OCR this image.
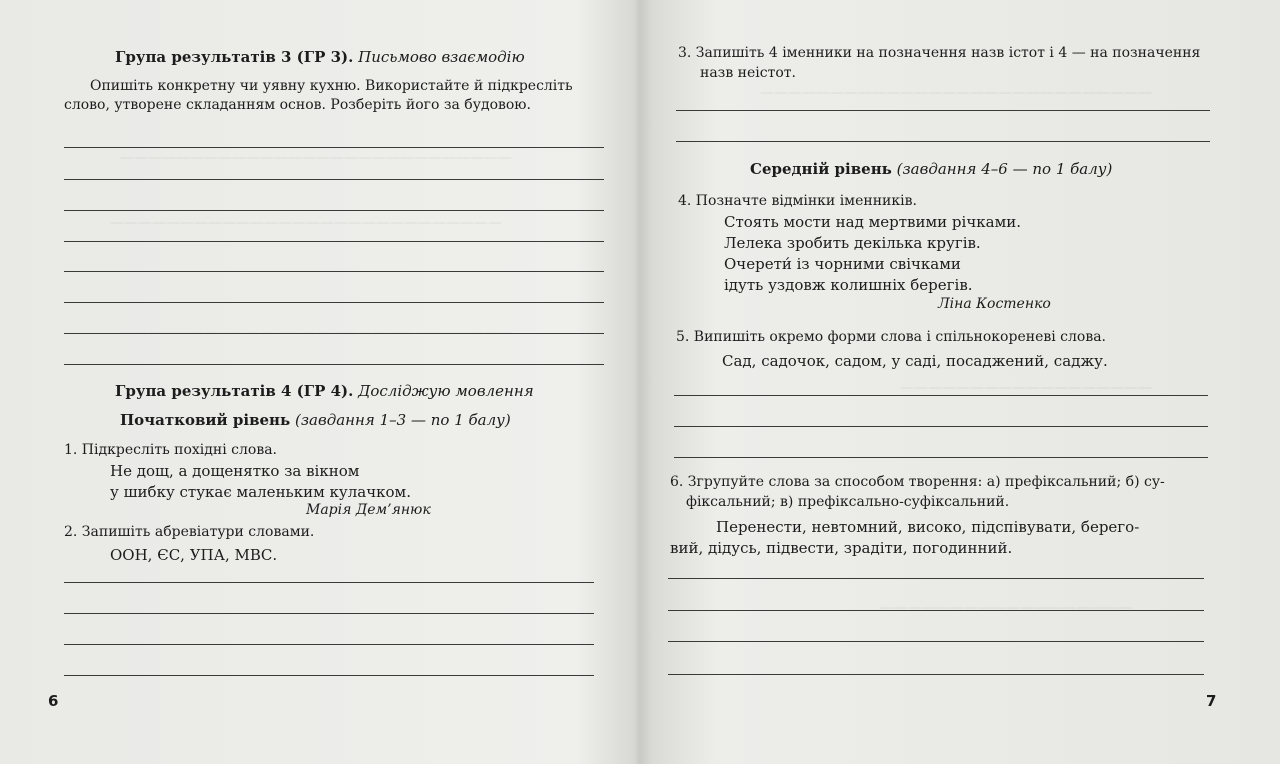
————————————————————————————
————————————————————————————
————————————————————————————
————————————————————————————
——————————————————
——————————————————
Група результатів 3 (ГР 3). Письмово взаємодію
Опишіть конкретну чи уявну кухню. Використайте й підкресліть
слово, утворене складанням основ. Розберіть його за будовою.
Група результатів 4 (ГР 4). Досліджую мовлення
Початковий рівень (завдання 1–3 — по 1 балу)
1. Підкресліть похідні слова.
Не дощ, а дощенятко за вікном
у шибку стукає маленьким кулачком.
Марія Дем’янюк
2. Запишіть абревіатури словами.
ООН, ЄС, УПА, МВС.
6
3. Запишіть 4 іменники на позначення назв істот і 4 — на позначення
назв неістот.
Середній рівень (завдання 4–6 — по 1 балу)
4. Позначте відмінки іменників.
Стоять мости над мертвими річками.
Лелека зробить декілька кругів.
Очерети́ із чорними свічками
ідуть уздовж колишніх берегів.
Ліна Костенко
5. Випишіть окремо форми слова і спільнокореневі слова.
Сад, садочок, садом, у саді, посаджений, саджу.
6. Згрупуйте слова за способом творення: а) префіксальний; б) су-
фіксальний; в) префіксально-суфіксальний.
Перенести, невтомний, високо, підспівувати, берего-
вий, дідусь, підвести, зрадіти, погодинний.
7
